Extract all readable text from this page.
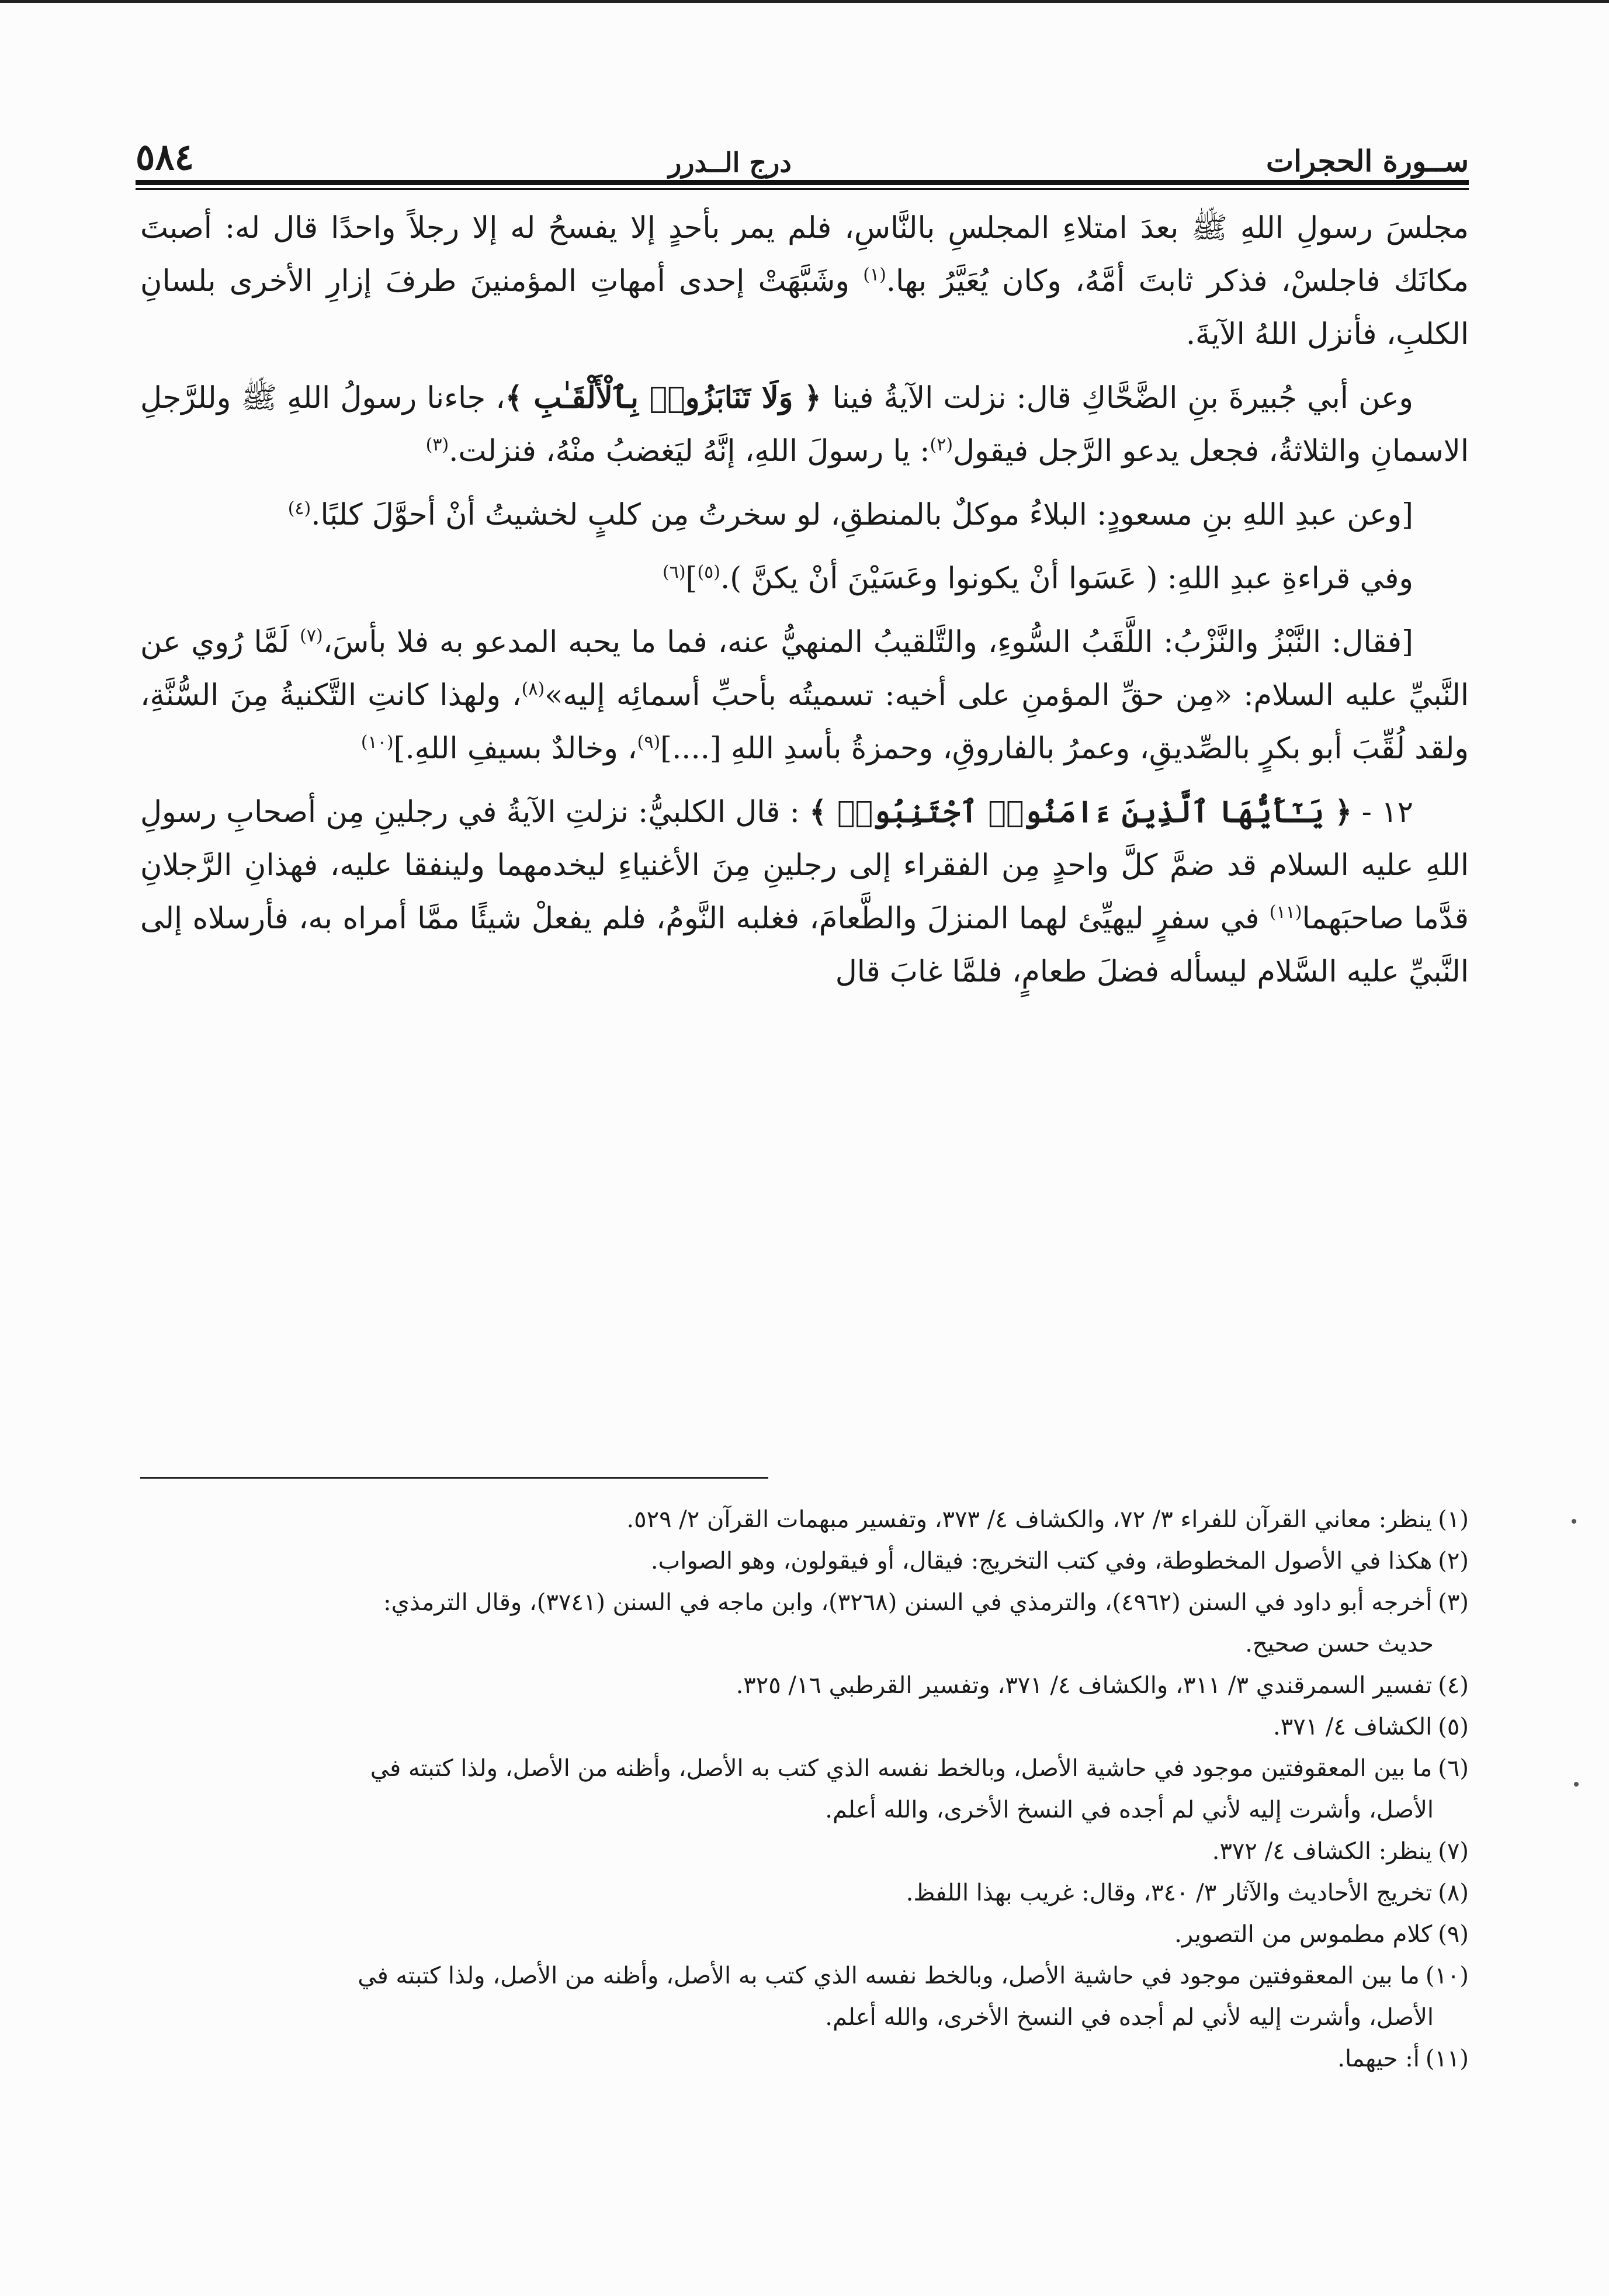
ســورة الحجرات
درج الــدرر
٥٨٤

مجلسَ رسولِ اللهِ ﷺ بعدَ امتلاءِ المجلسِ بالنَّاسِ، فلم يمر بأحدٍ إلا يفسحُ له إلا رجلاً واحدًا قال له: أصبتَ مكانَك فاجلسْ، فذكر ثابتَ أمَّهُ، وكان يُعَيَّرُ بها.$^{(١)}$ وشَبَّهَتْ إحدى أمهاتِ المؤمنينَ طرفَ إزارِ الأخرى بلسانِ الكلبِ، فأنزل اللهُ الآيةَ.

وعن أبي جُبيرةَ بنِ الضَّحَّاكِ قال: نزلت الآيةُ فينا ﴿ وَلَا تَنَابَزُوا۟ بِٱلْأَلْقَـٰبِ ﴾، جاءنا رسولُ اللهِ ﷺ وللرَّجلِ الاسمانِ والثلاثةُ، فجعل يدعو الرَّجل فيقول$^{(٢)}$: يا رسولَ اللهِ، إنَّهُ ليَغضبُ منْهُ، فنزلت.$^{(٣)}$

[وعن عبدِ اللهِ بنِ مسعودٍ: البلاءُ موكلٌ بالمنطقِ، لو سخرتُ مِن كلبٍ لخشيتُ أنْ أحوَّلَ كلبًا.$^{(٤)}$

وفي قراءةِ عبدِ اللهِ: ( عَسَوا أنْ يكونوا وعَسَيْنَ أنْ يكنَّ ).$^{(٥)}$]$^{(٦)}$

[فقال: النَّبْزُ والنَّزْبُ: اللَّقَبُ السُّوءِ، والتَّلقيبُ المنهيُّ عنه، فما ما يحبه المدعو به فلا بأسَ،$^{(٧)}$ لَمَّا رُوي عن النَّبيِّ عليه السلام: «مِن حقِّ المؤمنِ على أخيه: تسميتُه بأحبِّ أسمائِه إليه»$^{(٨)}$، ولهذا كانتِ التَّكنيةُ مِنَ السُّنَّةِ، ولقد لُقِّبَ أبو بكرٍ بالصِّديقِ، وعمرُ بالفاروقِ، وحمزةُ بأسدِ اللهِ [....]$^{(٩)}$، وخالدٌ بسيفِ اللهِ.]$^{(١٠)}$

١٢ - ﴿ يَـٰٓأَيُّهَا ٱلَّذِينَ ءَامَنُوا۟ ٱجْتَنِبُوا۟ ﴾ : قال الكلبيُّ: نزلتِ الآيةُ في رجلينِ مِن أصحابِ رسولِ اللهِ عليه السلام قد ضمَّ كلَّ واحدٍ مِن الفقراء إلى رجلينِ مِنَ الأغنياءِ ليخدمهما ولينفقا عليه، فهذانِ الرَّجلانِ قدَّما صاحبَهما$^{(١١)}$ في سفرٍ ليهيِّئ لهما المنزلَ والطَّعامَ، فغلبه النَّومُ، فلم يفعلْ شيئًا ممَّا أمراه به، فأرسلاه إلى النَّبيِّ عليه السَّلام ليسأله فضلَ طعامٍ، فلمَّا غابَ قال

(١)ينظر: معاني القرآن للفراء ٣/ ٧٢، والكشاف ٤/ ٣٧٣، وتفسير مبهمات القرآن ٢/ ٥٢٩.

(٢)هكذا في الأصول المخطوطة، وفي كتب التخريج: فيقال، أو فيقولون، وهو الصواب.

(٣)أخرجه أبو داود في السنن (٤٩٦٢)، والترمذي في السنن (٣٢٦٨)، وابن ماجه في السنن (٣٧٤١)، وقال الترمذي:
حديث حسن صحيح.

(٤)تفسير السمرقندي ٣/ ٣١١، والكشاف ٤/ ٣٧١، وتفسير القرطبي ١٦/ ٣٢٥.

(٥)الكشاف ٤/ ٣٧١.

(٦)ما بين المعقوفتين موجود في حاشية الأصل، وبالخط نفسه الذي كتب به الأصل، وأظنه من الأصل، ولذا كتبته في
الأصل، وأشرت إليه لأني لم أجده في النسخ الأخرى، والله أعلم.

(٧)ينظر: الكشاف ٤/ ٣٧٢.

(٨)تخريج الأحاديث والآثار ٣/ ٣٤٠، وقال: غريب بهذا اللفظ.

(٩)كلام مطموس من التصوير.

(١٠)ما بين المعقوفتين موجود في حاشية الأصل، وبالخط نفسه الذي كتب به الأصل، وأظنه من الأصل، ولذا كتبته في
الأصل، وأشرت إليه لأني لم أجده في النسخ الأخرى، والله أعلم.

(١١)أ: حيهما.
